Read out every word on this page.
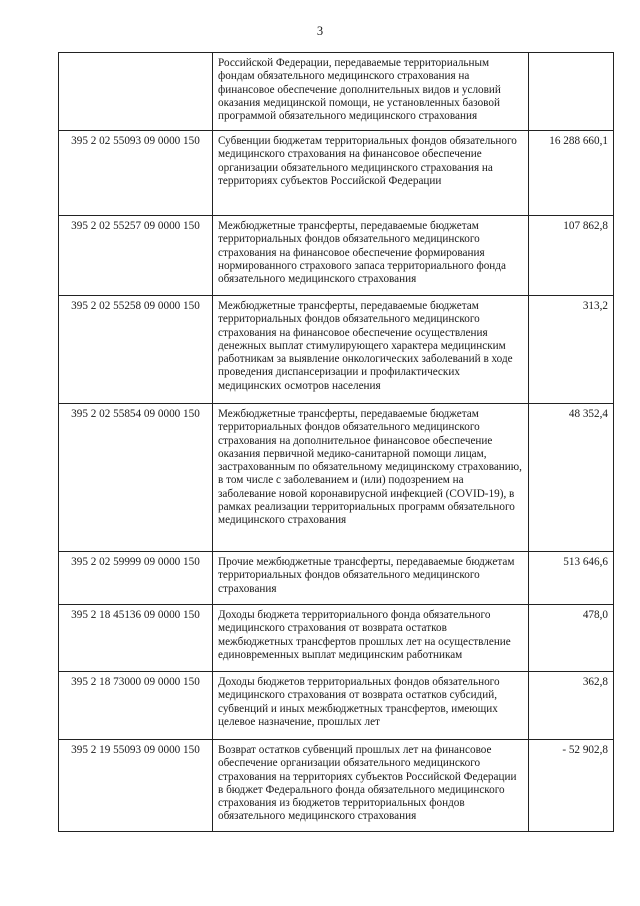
3
	Российской Федерации, передаваемые территориальным фондам обязательного медицинского страхования на финансовое обеспечение дополнительных видов и условий оказания медицинской помощи, не установленных базовой программой обязательного медицинского страхования	
395 2 02 55093 09 0000 150	Субвенции бюджетам территориальных фондов обязательного медицинского страхования на финансовое обеспечение организации обязательного медицинского страхования на территориях субъектов Российской Федерации	16 288 660,1
395 2 02 55257 09 0000 150	Межбюджетные трансферты, передаваемые бюджетам территориальных фондов обязательного медицинского страхования на финансовое обеспечение формирования нормированного страхового запаса территориального фонда обязательного медицинского страхования	107 862,8
395 2 02 55258 09 0000 150	Межбюджетные трансферты, передаваемые бюджетам территориальных фондов обязательного медицинского страхования на финансовое обеспечение осуществления денежных выплат стимулирующего характера медицинским работникам за выявление онкологических заболеваний в ходе проведения диспансеризации и профилактических медицинских осмотров населения	313,2
395 2 02 55854 09 0000 150	Межбюджетные трансферты, передаваемые бюджетам территориальных фондов обязательного медицинского страхования на дополнительное финансовое обеспечение оказания первичной медико-санитарной помощи лицам, застрахованным по обязательному медицинскому страхованию, в том числе с заболеванием и (или) подозрением на заболевание новой коронавирусной инфекцией (COVID-19), в рамках реализации территориальных программ обязательного медицинского страхования	48 352,4
395 2 02 59999 09 0000 150	Прочие межбюджетные трансферты, передаваемые бюджетам территориальных фондов обязательного медицинского страхования	513 646,6
395 2 18 45136 09 0000 150	Доходы бюджета территориального фонда обязательного медицинского страхования от возврата остатков межбюджетных трансфертов прошлых лет на осуществление единовременных выплат медицинским работникам	478,0
395 2 18 73000 09 0000 150	Доходы бюджетов территориальных фондов обязательного медицинского страхования от возврата остатков субсидий, субвенций и иных межбюджетных трансфертов, имеющих целевое назначение, прошлых лет	362,8
395 2 19 55093 09 0000 150	Возврат остатков субвенций прошлых лет на финансовое обеспечение организации обязательного медицинского страхования на территориях субъектов Российской Федерации в бюджет Федерального фонда обязательного медицинского страхования из бюджетов территориальных фондов обязательного медицинского страхования	- 52 902,8
